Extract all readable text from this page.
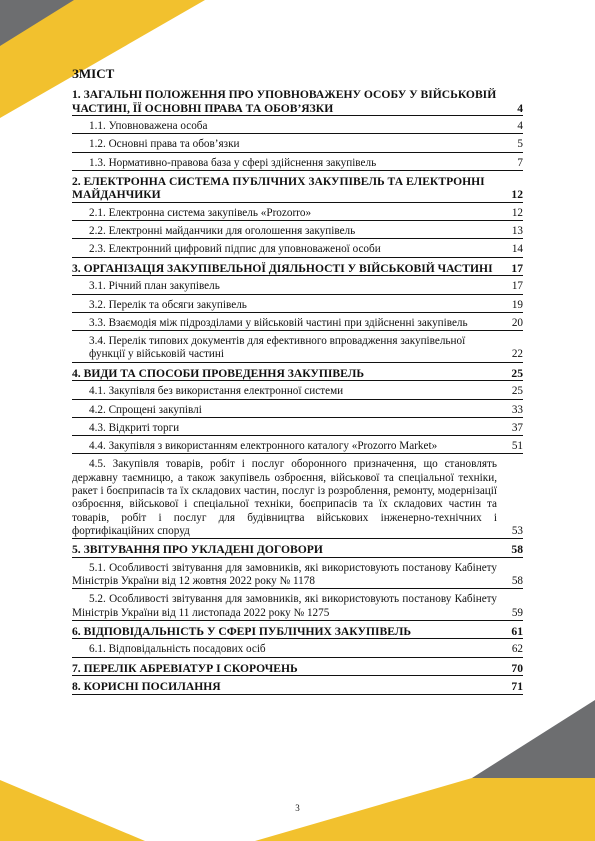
ЗМІСТ
1. ЗАГАЛЬНІ ПОЛОЖЕННЯ ПРО УПОВНОВАЖЕНУ ОСОБУ У ВІЙСЬКОВІЙ ЧАСТИНІ, ЇЇ ОСНОВНІ ПРАВА ТА ОБОВ’ЯЗКИ	4
1.1. Уповноважена особа	4
1.2. Основні права та обов’язки	5
1.3. Нормативно-правова база у сфері здійснення закупівель	7
2. ЕЛЕКТРОННА СИСТЕМА ПУБЛІЧНИХ ЗАКУПІВЕЛЬ ТА ЕЛЕКТРОННІ МАЙДАНЧИКИ	12
2.1. Електронна система закупівель «Prozorro»	12
2.2. Електронні майданчики для оголошення закупівель	13
2.3. Електронний цифровий підпис для уповноваженої особи	14
3. ОРГАНІЗАЦІЯ ЗАКУПІВЕЛЬНОЇ ДІЯЛЬНОСТІ У ВІЙСЬКОВІЙ ЧАСТИНІ	17
3.1. Річний план закупівель	17
3.2. Перелік та обсяги закупівель	19
3.3. Взаємодія між підрозділами у військовій частині при здійсненні закупівель	20
3.4. Перелік типових документів для ефективного впровадження закупівельної функції у військовій частині	22
4. ВИДИ ТА СПОСОБИ ПРОВЕДЕННЯ ЗАКУПІВЕЛЬ	25
4.1. Закупівля без використання електронної системи	25
4.2. Спрощені закупівлі	33
4.3. Відкриті торги	37
4.4. Закупівля з використанням електронного каталогу «Prozorro Market»	51
4.5. Закупівля товарів, робіт і послуг оборонного призначення, що становлять державну таємницю, а також закупівель озброєння, військової та спеціальної техніки, ракет і боєприпасів та їх складових частин, послуг із розроблення, ремонту, модернізації озброєння, військової і спеціальної техніки, боєприпасів та їх складових частин та товарів, робіт і послуг для будівництва військових інженерно-технічних і фортифікаційних споруд	53
5. ЗВІТУВАННЯ ПРО УКЛАДЕНІ ДОГОВОРИ	58
5.1. Особливості звітування для замовників, які використовують постанову Кабінету Міністрів України від 12 жовтня 2022 року № 1178	58
5.2. Особливості звітування для замовників, які використовують постанову Кабінету Міністрів України від 11 листопада 2022 року № 1275	59
6. ВІДПОВІДАЛЬНІСТЬ У СФЕРІ ПУБЛІЧНИХ ЗАКУПІВЕЛЬ	61
6.1. Відповідальність посадових осіб	62
7. ПЕРЕЛІК АБРЕВІАТУР І СКОРОЧЕНЬ	70
8. КОРИСНІ ПОСИЛАННЯ	71
3
